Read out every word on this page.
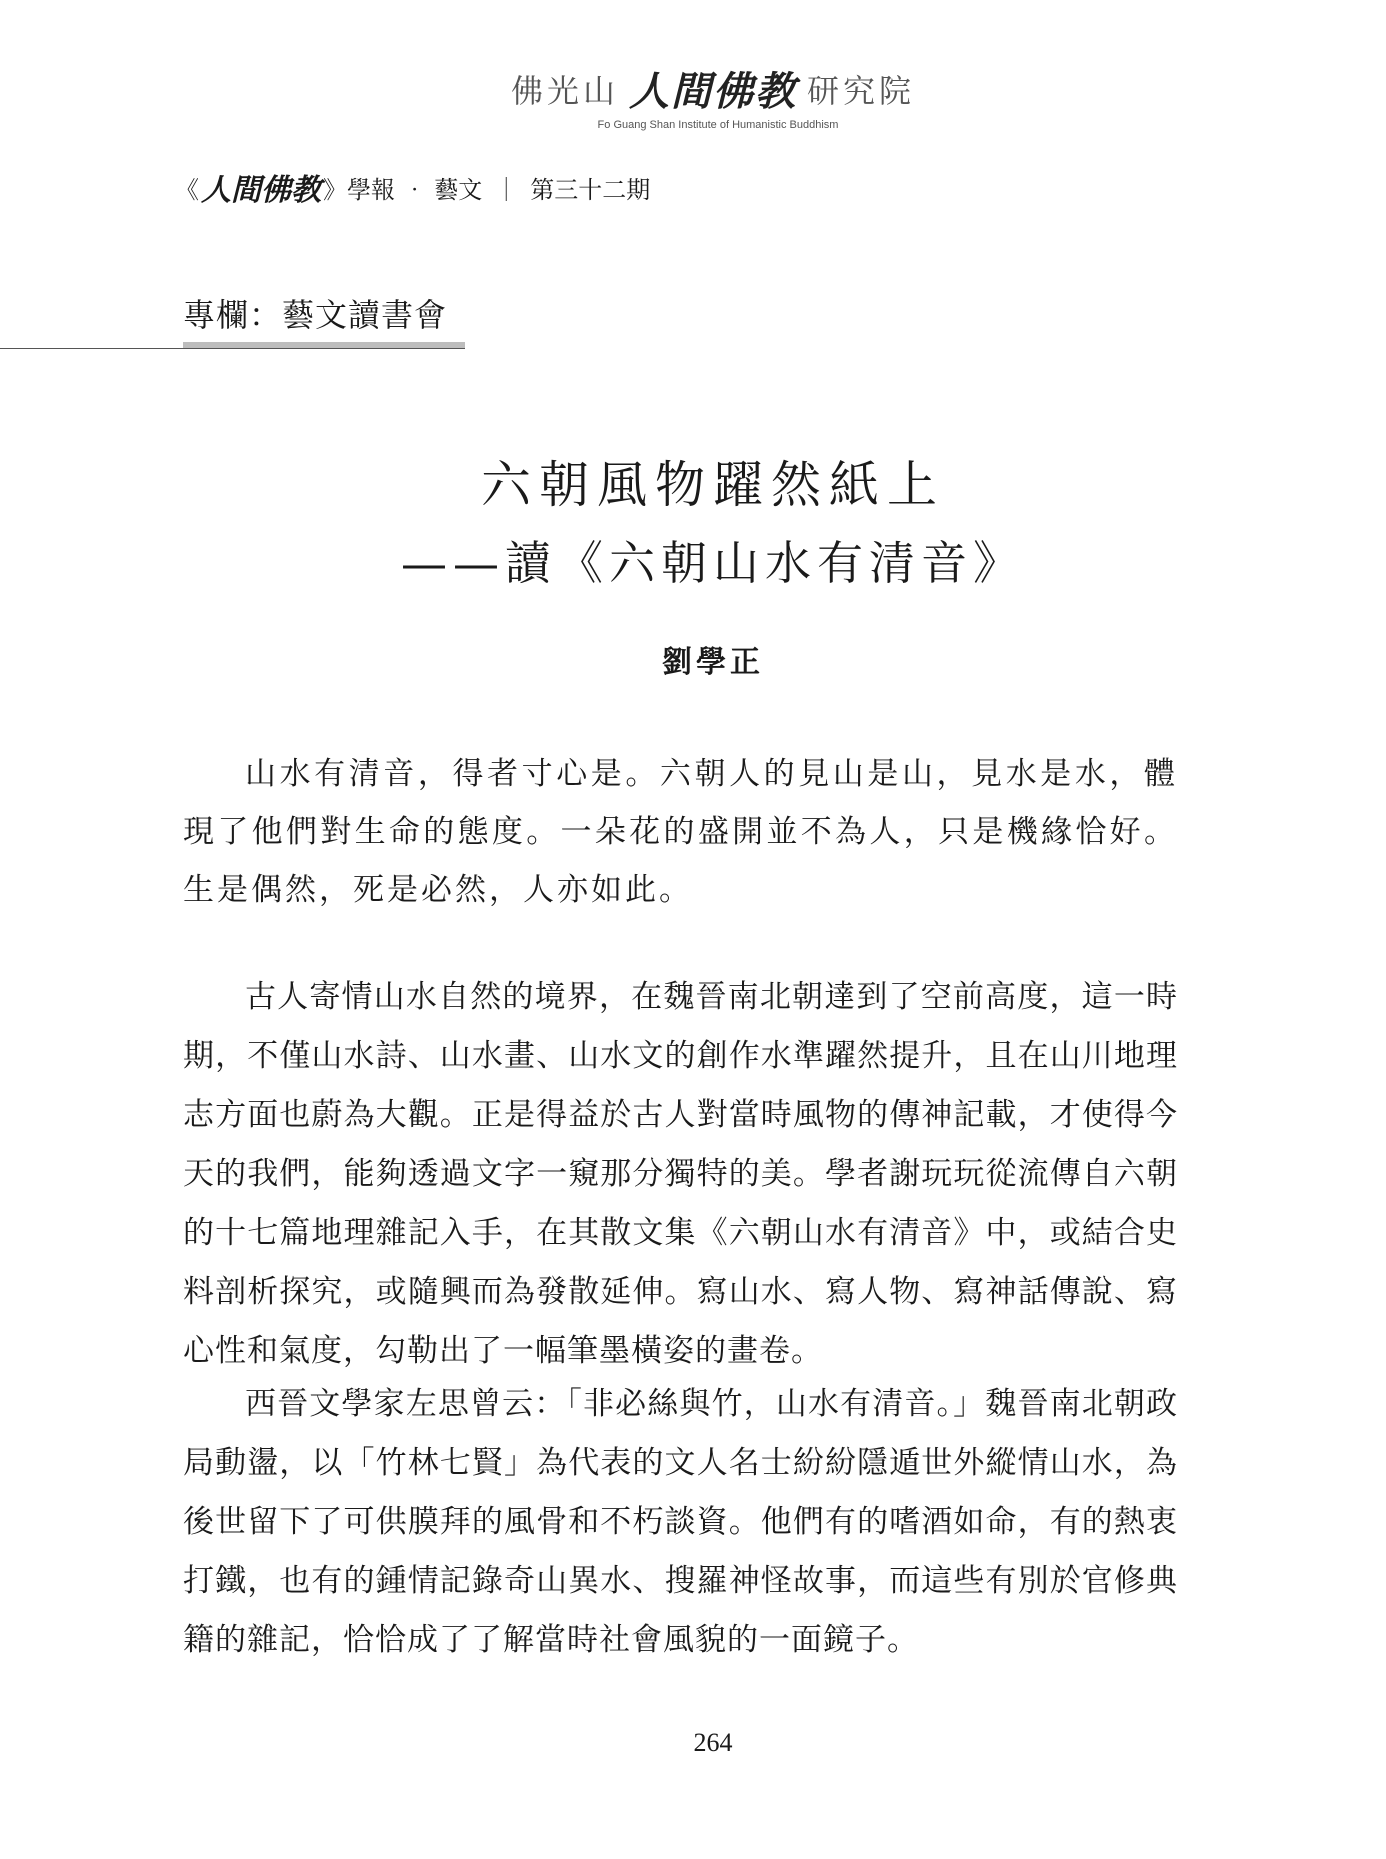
佛光山 人間佛教 研究院
Fo Guang Shan Institute of Humanistic Buddhism
《 人間佛教 》學報 ‧ 藝文 ｜ 第三十二期
專欄：藝文讀書會
六朝風物躍然紙上
——讀《六朝山水有清音》
劉學正

山水有清音，得者寸心是。六朝人的見山是山，見水是水，體現了他們對生命的態度。一朵花的盛開並不為人，只是機緣恰好。生是偶然，死是必然，人亦如此。

古人寄情山水自然的境界，在魏晉南北朝達到了空前高度，這一時期，不僅山水詩、山水畫、山水文的創作水準躍然提升，且在山川地理志方面也蔚為大觀。正是得益於古人對當時風物的傳神記載，才使得今天的我們，能夠透過文字一窺那分獨特的美。學者謝玩玩從流傳自六朝的十七篇地理雜記入手，在其散文集《六朝山水有清音》中，或結合史料剖析探究，或隨興而為發散延伸。寫山水、寫人物、寫神話傳說、寫心性和氣度，勾勒出了一幅筆墨橫姿的畫卷。

西晉文學家左思曾云：「非必絲與竹，山水有清音。」魏晉南北朝政局動盪，以「竹林七賢」為代表的文人名士紛紛隱遁世外縱情山水，為後世留下了可供膜拜的風骨和不朽談資。他們有的嗜酒如命，有的熱衷打鐵，也有的鍾情記錄奇山異水、搜羅神怪故事，而這些有別於官修典籍的雜記，恰恰成了了解當時社會風貌的一面鏡子。

264
